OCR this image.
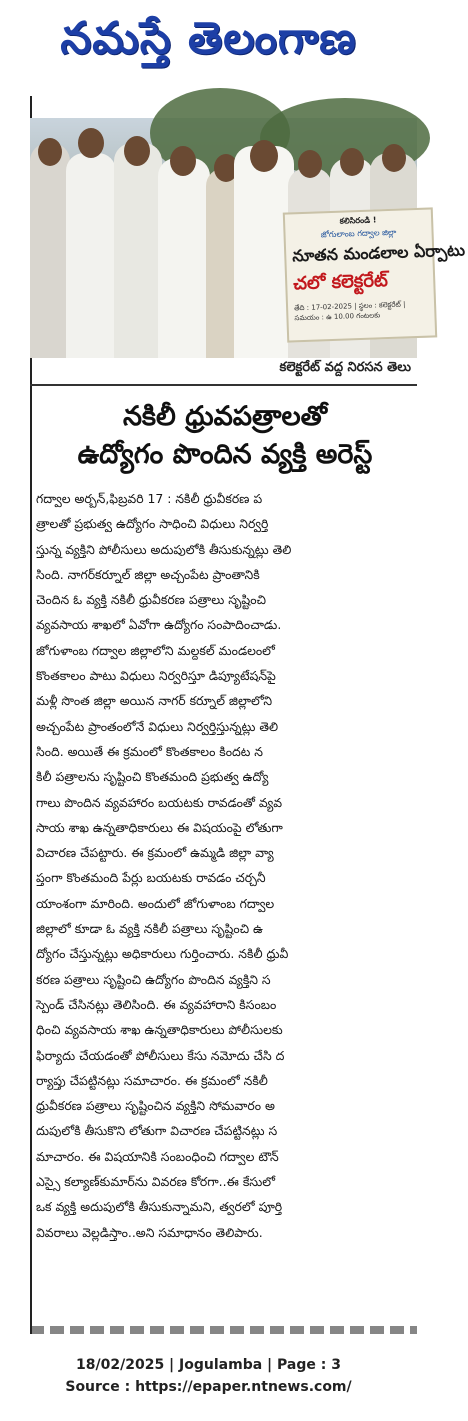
నమస్తే తెలంగాణ
కలిసిరండి !
జోగులాంబ గద్వాల జిల్లా
నూతన మండలాల ఏర్పాటు
చలో కలెక్టరేట్
తేది : 17-02-2025 | స్థలం : కలెక్టరేట్ | సమయం : ఉ 10.00 గంటలకు
కలెక్టరేట్ వద్ద నిరసన తెలు
నకిలీ ధ్రువపత్రాలతో
ఉద్యోగం పొందిన వ్యక్తి అరెస్ట్
గద్వాల అర్బన్,ఫిబ్రవరి 17 : నకిలీ ధ్రువీకరణ ప
త్రాలతో ప్రభుత్వ ఉద్యోగం సాధించి విధులు నిర్వర్తి
స్తున్న వ్యక్తిని పోలీసులు అదుపులోకి తీసుకున్నట్లు తెలి
సింది. నాగర్‌కర్నూల్ జిల్లా అచ్చంపేట ప్రాంతానికి
చెందిన ఓ వ్యక్తి నకిలీ ధ్రువీకరణ పత్రాలు సృష్టించి
వ్యవసాయ శాఖలో ఏవోగా ఉద్యోగం సంపాదించాడు.
జోగుళాంబ గద్వాల జిల్లాలోని మల్దకల్ మండలంలో
కొంతకాలం పాటు విధులు నిర్వరిస్తూ డిప్యూటేషన్‌పై
మళ్లీ సొంత జిల్లా అయిన నాగర్ కర్నూల్ జిల్లాలోని
అచ్చంపేట ప్రాంతంలోనే విధులు నిర్వర్తిస్తున్నట్లు తెలి
సింది. అయితే ఈ క్రమంలో కొంతకాలం కిందట న
కిలీ పత్రాలను సృష్టించి కొంతమంది ప్రభుత్వ ఉద్యో
గాలు పొందిన వ్యవహారం బయటకు రావడంతో వ్యవ
సాయ శాఖ ఉన్నతాధికారులు ఈ విషయంపై లోతుగా
విచారణ చేపట్టారు. ఈ క్రమంలో ఉమ్మడి జిల్లా వ్యా
ప్తంగా కొంతమంది పేర్లు బయటకు రావడం చర్చనీ
యాంశంగా మారింది. అందులో జోగుళాంబ గద్వాల
జిల్లాలో కూడా ఓ వ్యక్తి నకిలీ పత్రాలు సృష్టించి ఉ
ద్యోగం చేస్తున్నట్లు అధికారులు గుర్తించారు. నకిలీ ధ్రువీ
కరణ పత్రాలు సృష్టించి ఉద్యోగం పొందిన వ్యక్తిని స
స్పెండ్ చేసినట్లు తెలిసింది. ఈ వ్యవహారాని కిసంబం
ధించి వ్యవసాయ శాఖ ఉన్నతాధికారులు పోలీసులకు
ఫిర్యాదు చేయడంతో పోలీసులు కేసు నమోదు చేసి ద
ర్యాప్తు చేపట్టినట్లు సమాచారం. ఈ క్రమంలో నకిలీ
ధ్రువీకరణ పత్రాలు సృష్టించిన వ్యక్తిని సోమవారం అ
దుపులోకి తీసుకొని లోతుగా విచారణ చేపట్టినట్లు స
మాచారం. ఈ విషయానికి సంబంధించి గద్వాల టౌన్
ఎస్సై కల్యాణ్‌కుమార్‌ను వివరణ కోరగా..ఈ కేసులో
ఒక వ్యక్తి అదుపులోకి తీసుకున్నామని, త్వరలో పూర్తి
వివరాలు వెల్లడిస్తాం..అని సమాధానం తెలిపారు.
18/02/2025 | Jogulamba | Page : 3
Source : https://epaper.ntnews.com/
